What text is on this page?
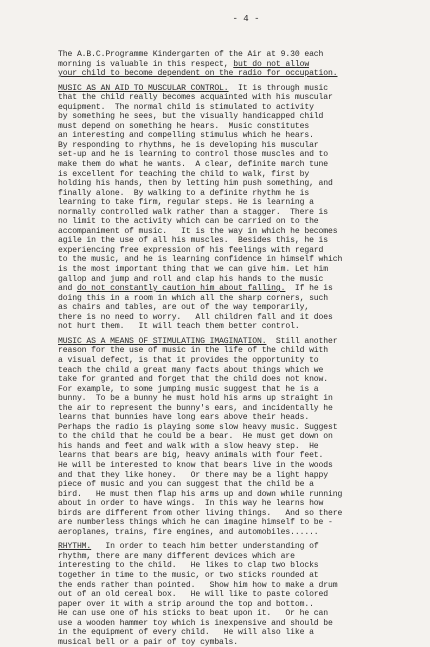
- 4 -
The A.B.C.Programme Kindergarten of the Air at 9.30 each
morning is valuable in this respect, but do not allow
your child to become dependent on the radio for occupation.
MUSIC AS AN AID TO MUSCULAR CONTROL.  It is through music
that the child really becomes acquainted with his muscular
equipment.  The normal child is stimulated to activity
by something he sees, but the visually handicapped child
must depend on something he hears.  Music constitutes
an interesting and compelling stimulus which he hears.
By responding to rhythms, he is developing his muscular
set-up and he is learning to control those muscles and to
make them do what he wants.  A clear, definite march tune
is excellent for teaching the child to walk, first by
holding his hands, then by letting him push something, and
finally alone.  By walking to a definite rhythm he is
learning to take firm, regular steps. He is learning a
normally controlled walk rather than a stagger.  There is
no limit to the activity which can be carried on to the
accompaniment of music.   It is the way in which he becomes
agile in the use of all his muscles.  Besides this, he is
experiencing free expression of his feelings with regard
to the music, and he is learning confidence in himself which
is the most important thing that we can give him. Let him
gallop and jump and roll and clap his hands to the music
and do not constantly caution him about falling.  If he is
doing this in a room in which all the sharp corners, such
as chairs and tables, are out of the way temporarily,
there is no need to worry.   All children fall and it does
not hurt them.   It will teach them better control.
MUSIC AS A MEANS OF STIMULATING IMAGINATION.  Still another
reason for the use of music in the life of the child with
a visual defect, is that it provides the opportunity to
teach the child a great many facts about things which we
take for granted and forget that the child does not know.
For example, to some jumping music suggest that he is a
bunny.  To be a bunny he must hold his arms up straight in
the air to represent the bunny's ears, and incidentally he
learns that bunnies have long ears above their heads.
Perhaps the radio is playing some slow heavy music. Suggest
to the child that he could be a bear.  He must get down on
his hands and feet and walk with a slow heavy step.  He
learns that bears are big, heavy animals with four feet.
He will be interested to know that bears live in the woods
and that they like honey.   Or there may be a light happy
piece of music and you can suggest that the child be a
bird.   He must then flap his arms up and down while running
about in order to have wings.  In this way he learns how
birds are different from other living things.   And so there
are numberless things which he can imagine himself to be -
aeroplanes, trains, fire engines, and automobiles......
RHYTHM.   In order to teach him better understanding of
rhythm, there are many different devices which are
interesting to the child.   He likes to clap two blocks
together in time to the music, or two sticks rounded at
the ends rather than pointed.   Show him how to make a drum
out of an old cereal box.   He will like to paste colored
paper over it with a strip around the top and bottom..
He can use one of his sticks to beat upon it.   Or he can
use a wooden hammer toy which is inexpensive and should be
in the equipment of every child.   He will also like a
musical bell or a pair of toy cymbals.
